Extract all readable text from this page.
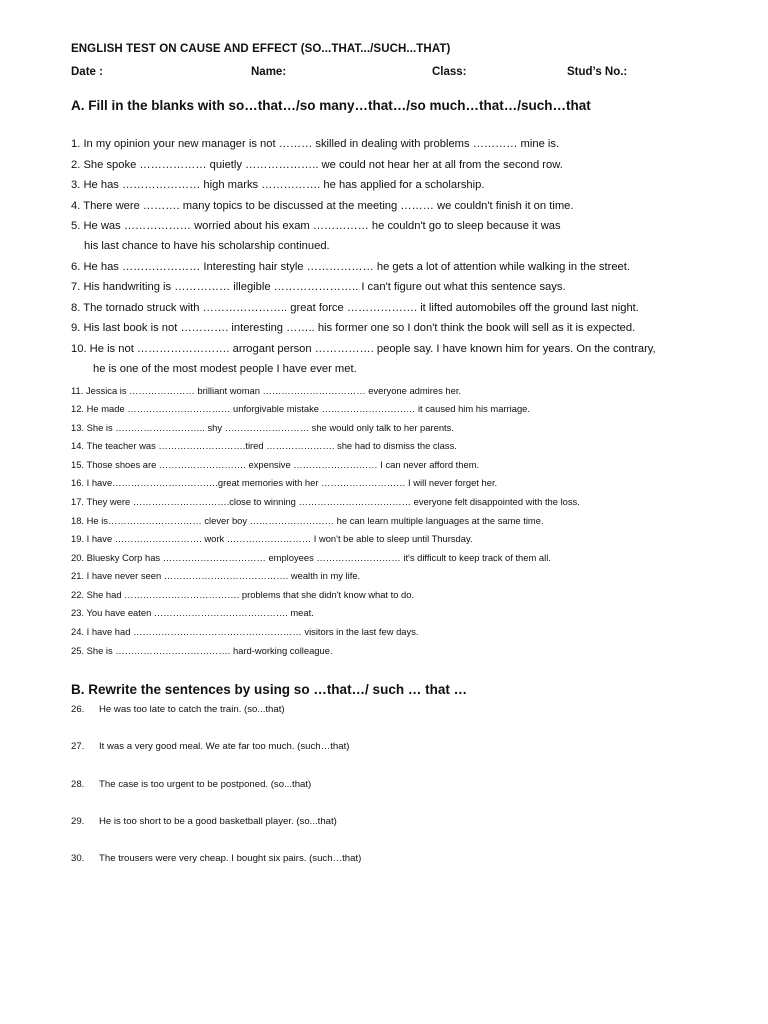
ENGLISH TEST ON CAUSE AND EFFECT (SO...THAT.../SUCH...THAT)
Date :	Name:	Class:	Stud’s No.:
A. Fill in the blanks with so…that…/so many…that…/so much…that…/such…that
1. In my opinion your new manager is not ……… skilled in dealing with problems ………… mine is.
2. She spoke ……………… quietly ……………….. we could not hear her at all from the second row.
3. He has ………………… high marks ……………. he has applied for a scholarship.
4. There were ………. many topics to be discussed at the meeting ……… we couldn't finish it on time.
5. He was ……………… worried about his exam …………… he couldn't go to sleep because it was
his last chance to have his scholarship continued.
6. He has ………………… Interesting hair style ……………… he gets a lot of attention while walking in the street.
7. His handwriting is …………… illegible ………………….. I can't figure out what this sentence says.
8. The tornado struck with ………………….. great force ………………. it lifted automobiles off the ground last night.
9. His last book is not …………. interesting …….. his former one so I don't think the book will sell as it is expected.
10. He is not ……………………. arrogant person ……………. people say. I have known him for years. On the contrary,
he is one of the most modest people I have ever met.
11. Jessica is ………………… brilliant woman …………………………… everyone admires her.
12. He made …………………………… unforgivable mistake ………………………… it caused him his marriage.
13. She is ……………………….. shy ……………………… she would only talk to her parents.
14. The teacher was ……………………….tired …………………. she had to dismiss the class.
15. Those shoes are ………………………. expensive ……………………… I can never afford them.
16. I have…………………………….great memories with her ……………………… I will never forget her.
17. They were ………………………….close to winning ……………………………… everyone felt disappointed with the loss.
18. He is………………………… clever boy ……………………… he can learn multiple languages at the same time.
19. I have ………………………. work ……………………… I won't be able to sleep until Thursday.
20. Bluesky Corp has …………………………… employees ……………………… it's difficult to keep track of them all.
21. I have never seen …………………………………. wealth in my life.
22. She had ………………………………. problems that she didn't know what to do.
23. You have eaten ……………………………………. meat.
24. I have had ……………………………………………… visitors in the last few days.
25. She is ………………………………. hard-working colleague.
B. Rewrite the sentences by using so …that…/ such … that …
26. He was too late to catch the train. (so...that)
27. It was a very good meal. We ate far too much. (such…that)
28. The case is too urgent to be postponed. (so...that)
29. He is too short to be a good basketball player. (so...that)
30. The trousers were very cheap. I bought six pairs. (such…that)
